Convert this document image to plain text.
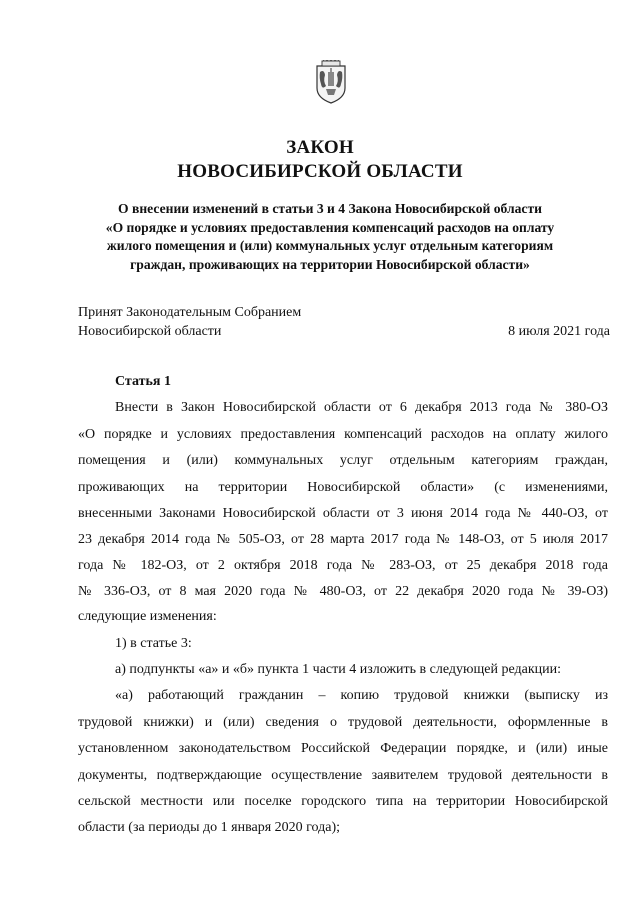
ЗАКОН
НОВОСИБИРСКОЙ ОБЛАСТИ
О внесении изменений в статьи 3 и 4 Закона Новосибирской области
«О порядке и условиях предоставления компенсаций расходов на оплату
жилого помещения и (или) коммунальных услуг отдельным категориям
граждан, проживающих на территории Новосибирской области»
Принят Законодательным Собранием
Новосибирской области	8 июля 2021 года
Статья 1
Внести в Закон Новосибирской области от 6 декабря 2013 года № 380-ОЗ
«О порядке и условиях предоставления компенсаций расходов на оплату жилого
помещения и (или) коммунальных услуг отдельным категориям граждан,
проживающих на территории Новосибирской области» (с изменениями,
внесенными Законами Новосибирской области от 3 июня 2014 года № 440-ОЗ, от
23 декабря 2014 года № 505-ОЗ, от 28 марта 2017 года № 148-ОЗ, от 5 июля 2017
года № 182-ОЗ, от 2 октября 2018 года № 283-ОЗ, от 25 декабря 2018 года
№ 336-ОЗ, от 8 мая 2020 года № 480-ОЗ, от 22 декабря 2020 года № 39-ОЗ)
следующие изменения:
1) в статье 3:
а) подпункты «а» и «б» пункта 1 части 4 изложить в следующей редакции:
«а) работающий гражданин – копию трудовой книжки (выписку из
трудовой книжки) и (или) сведения о трудовой деятельности, оформленные в
установленном законодательством Российской Федерации порядке, и (или) иные
документы, подтверждающие осуществление заявителем трудовой деятельности в
сельской местности или поселке городского типа на территории Новосибирской
области (за периоды до 1 января 2020 года);
